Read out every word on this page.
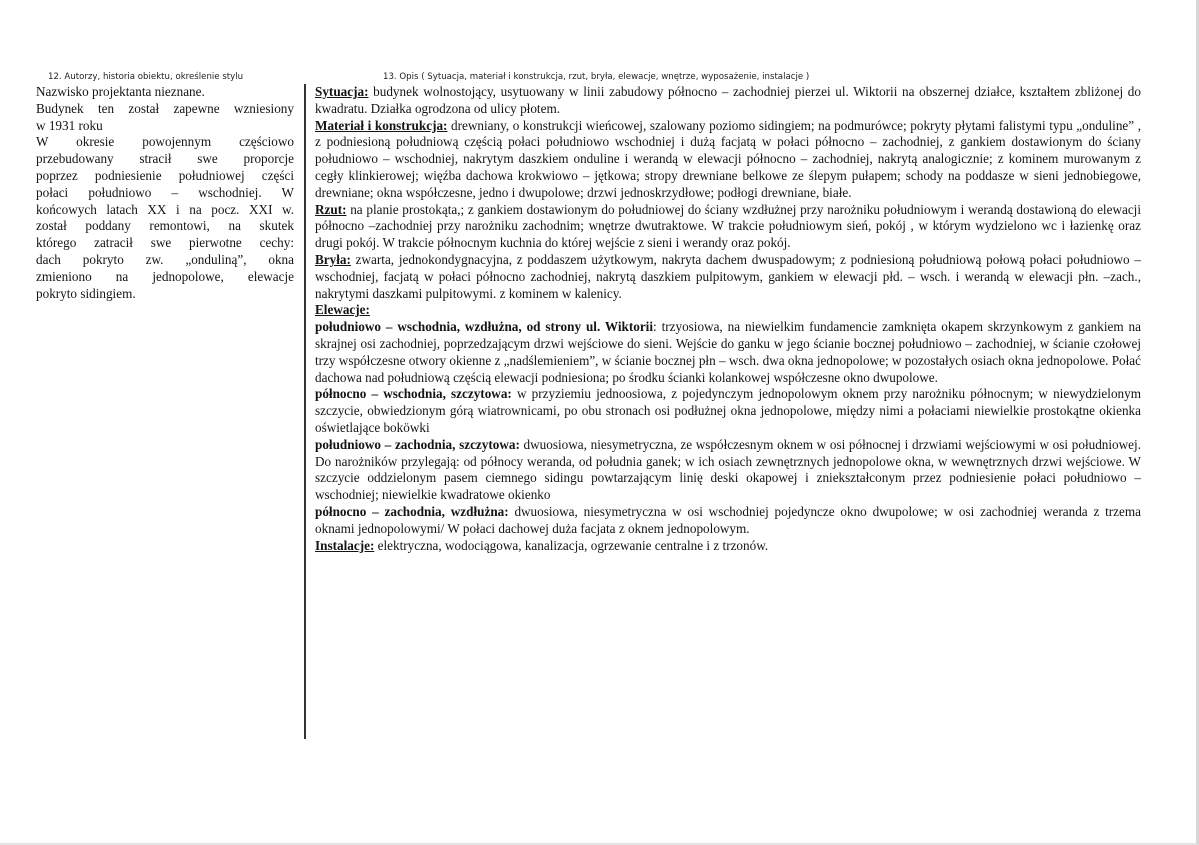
12. Autorzy, historia obiektu, określenie stylu

Nazwisko projektanta nieznane.

Budynek ten został zapewne wzniesiony

w 1931 roku

W okresie powojennym częściowo

przebudowany stracił swe proporcje

poprzez podniesienie południowej części

połaci południowo – wschodniej. W

końcowych latach XX i na pocz. XXI w.

został poddany remontowi, na skutek

którego zatracił swe pierwotne cechy:

dach pokryto zw. „onduliną”, okna

zmieniono na jednopolowe, elewacje

pokryto sidingiem.

13. Opis ( Sytuacja, materiał i konstrukcja, rzut, bryła, elewacje, wnętrze, wyposażenie, instalacje )

Sytuacja: budynek wolnostojący, usytuowany w linii zabudowy północno – zachodniej pierzei ul. Wiktorii na obszernej działce, kształtem zbliżonej do kwadratu. Działka ogrodzona od ulicy płotem.

Materiał i konstrukcja: drewniany, o konstrukcji wieńcowej, szalowany poziomo sidingiem; na podmurówce; pokryty płytami falistymi typu „onduline” , z podniesioną południową częścią połaci południowo wschodniej i dużą facjatą w połaci północno – zachodniej, z gankiem dostawionym do ściany południowo – wschodniej, nakrytym daszkiem onduline i werandą w elewacji północno – zachodniej, nakrytą analogicznie; z kominem murowanym z cegły klinkierowej; więźba dachowa krokwiowo – jętkowa; stropy drewniane belkowe ze ślepym pułapem; schody na poddasze w sieni jednobiegowe, drewniane; okna współczesne, jedno i dwupolowe; drzwi jednoskrzydłowe; podłogi drewniane, białe.

Rzut: na planie prostokąta,; z gankiem dostawionym do południowej do ściany wzdłużnej przy narożniku południowym i werandą dostawioną do elewacji północno –zachodniej przy narożniku zachodnim; wnętrze dwutraktowe. W trakcie południowym sień, pokój , w którym wydzielono wc i łazienkę oraz drugi pokój. W trakcie północnym kuchnia do której wejście z sieni i werandy oraz pokój.

Bryła: zwarta, jednokondygnacyjna, z poddaszem użytkowym, nakryta dachem dwuspadowym; z podniesioną południową połową połaci południowo – wschodniej, facjatą w połaci północno zachodniej, nakrytą daszkiem pulpitowym, gankiem w elewacji płd. – wsch. i werandą w elewacji płn. –zach., nakrytymi daszkami pulpitowymi. z kominem w kalenicy.

Elewacje:

południowo – wschodnia, wzdłużna, od strony ul. Wiktorii: trzyosiowa, na niewielkim fundamencie zamknięta okapem skrzynkowym z gankiem na skrajnej osi zachodniej, poprzedzającym drzwi wejściowe do sieni. Wejście do ganku w jego ścianie bocznej południowo – zachodniej, w ścianie czołowej trzy współczesne otwory okienne z „nadślemieniem”, w ścianie bocznej płn – wsch. dwa okna jednopolowe; w pozostałych osiach okna jednopolowe. Połać dachowa nad południową częścią elewacji podniesiona; po środku ścianki kolankowej współczesne okno dwupolowe.

północno – wschodnia, szczytowa: w przyziemiu jednoosiowa, z pojedynczym jednopolowym oknem przy narożniku północnym; w niewydzielonym szczycie, obwiedzionym górą wiatrownicami, po obu stronach osi podłużnej okna jednopolowe, między nimi a połaciami niewielkie prostokątne okienka oświetlające boköwki

południowo – zachodnia, szczytowa: dwuosiowa, niesymetryczna, ze współczesnym oknem w osi północnej i drzwiami wejściowymi w osi południowej. Do narożników przylegają: od północy weranda, od południa ganek; w ich osiach zewnętrznych jednopolowe okna, w wewnętrznych drzwi wejściowe. W szczycie oddzielonym pasem ciemnego sidingu powtarzającym linię deski okapowej i zniekształconym przez podniesienie połaci południowo – wschodniej; niewielkie kwadratowe okienko

północno – zachodnia, wzdłużna: dwuosiowa, niesymetryczna w osi wschodniej pojedyncze okno dwupolowe; w osi zachodniej weranda z trzema oknami jednopolowymi/ W połaci dachowej duża facjata z oknem jednopolowym.

Instalacje: elektryczna, wodociągowa, kanalizacja, ogrzewanie centralne i z trzonów.
